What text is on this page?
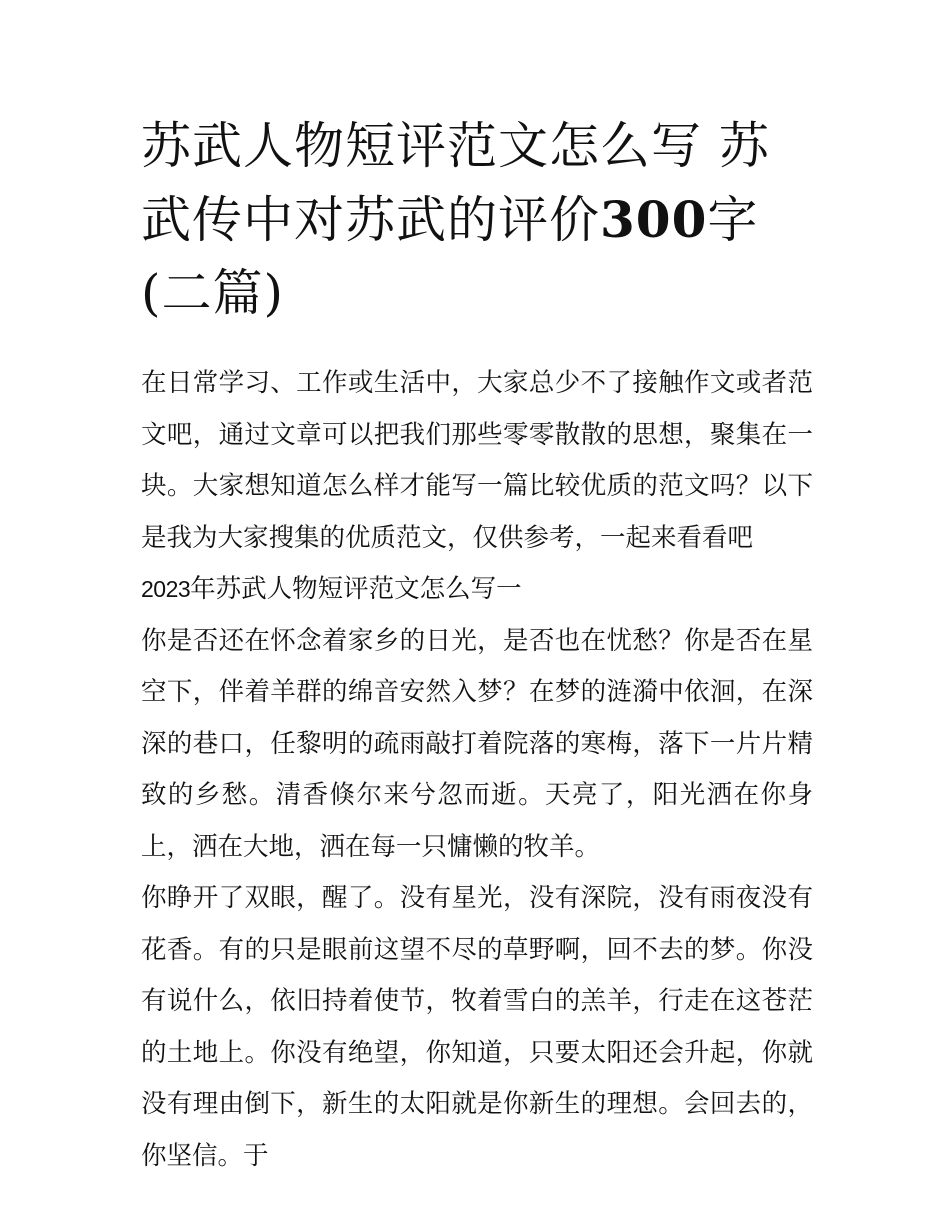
苏武人物短评范文怎么写 苏武传中对苏武的评价300字(二篇)

在日常学习、工作或生活中，大家总少不了接触作文或者范文吧，通过文章可以把我们那些零零散散的思想，聚集在一块。大家想知道怎么样才能写一篇比较优质的范文吗？以下是我为大家搜集的优质范文，仅供参考，一起来看看吧

2023年苏武人物短评范文怎么写一

你是否还在怀念着家乡的日光，是否也在忧愁？你是否在星空下，伴着羊群的绵音安然入梦？在梦的涟漪中依洄，在深深的巷口，任黎明的疏雨敲打着院落的寒梅，落下一片片精致的乡愁。清香倏尔来兮忽而逝。天亮了，阳光洒在你身上，洒在大地，洒在每一只慵懒的牧羊。

你睁开了双眼，醒了。没有星光，没有深院，没有雨夜没有花香。有的只是眼前这望不尽的草野啊，回不去的梦。你没有说什么，依旧持着使节，牧着雪白的羔羊，行走在这苍茫的土地上。你没有绝望，你知道，只要太阳还会升起，你就没有理由倒下，新生的太阳就是你新生的理想。会回去的，你坚信。于
